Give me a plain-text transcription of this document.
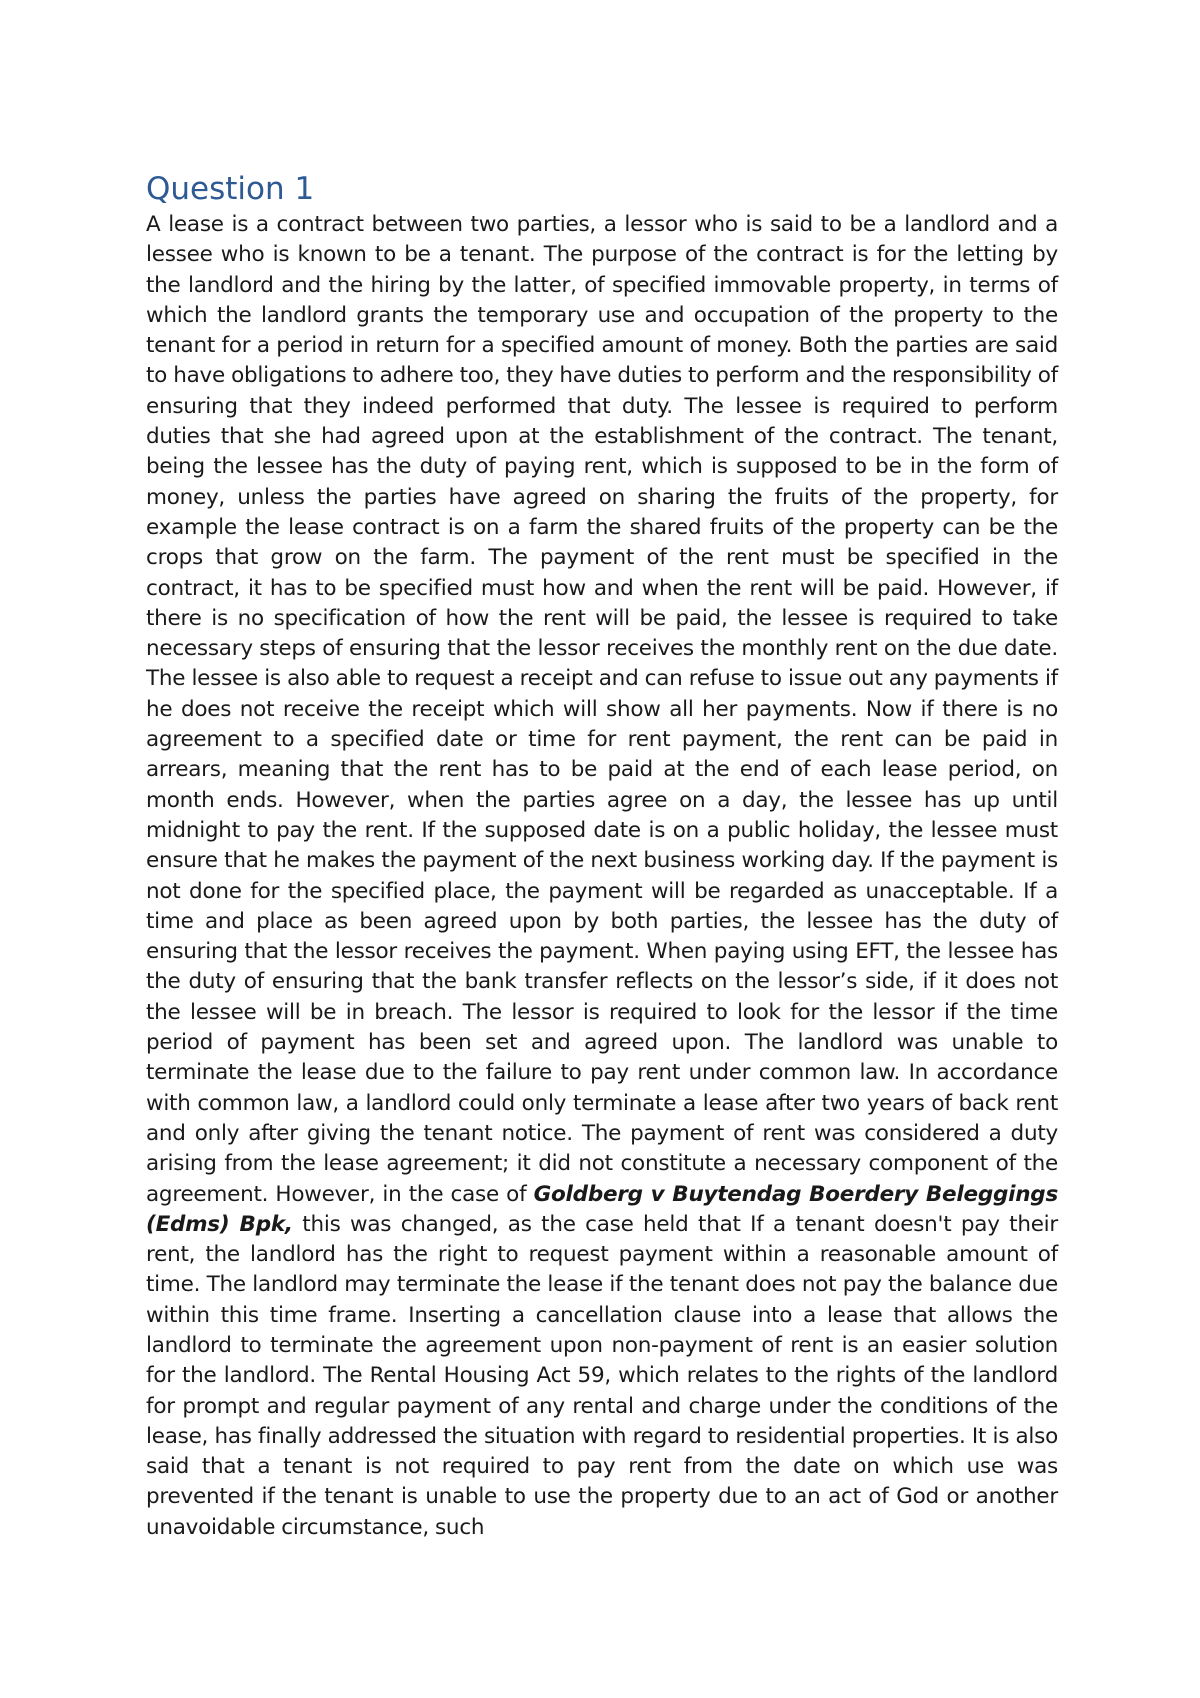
Question 1

A lease is a contract between two parties, a lessor who is said to be a landlord and a lessee who is known to be a tenant. The purpose of the contract is for the letting by the landlord and the hiring by the latter, of specified immovable property, in terms of which the landlord grants the temporary use and occupation of the property to the tenant for a period in return for a specified amount of money. Both the parties are said to have obligations to adhere too, they have duties to perform and the responsibility of ensuring that they indeed performed that duty. The lessee is required to perform duties that she had agreed upon at the establishment of the contract. The tenant, being the lessee has the duty of paying rent, which is supposed to be in the form of money, unless the parties have agreed on sharing the fruits of the property, for example the lease contract is on a farm the shared fruits of the property can be the crops that grow on the farm. The payment of the rent must be specified in the contract, it has to be specified must how and when the rent will be paid. However, if there is no specification of how the rent will be paid, the lessee is required to take necessary steps of ensuring that the lessor receives the monthly rent on the due date. The lessee is also able to request a receipt and can refuse to issue out any payments if he does not receive the receipt which will show all her payments. Now if there is no agreement to a specified date or time for rent payment, the rent can be paid in arrears, meaning that the rent has to be paid at the end of each lease period, on month ends. However, when the parties agree on a day, the lessee has up until midnight to pay the rent. If the supposed date is on a public holiday, the lessee must ensure that he makes the payment of the next business working day. If the payment is not done for the specified place, the payment will be regarded as unacceptable. If a time and place as been agreed upon by both parties, the lessee has the duty of ensuring that the lessor receives the payment. When paying using EFT, the lessee has the duty of ensuring that the bank transfer reflects on the lessor’s side, if it does not the lessee will be in breach. The lessor is required to look for the lessor if the time period of payment has been set and agreed upon. The landlord was unable to terminate the lease due to the failure to pay rent under common law. In accordance with common law, a landlord could only terminate a lease after two years of back rent and only after giving the tenant notice. The payment of rent was considered a duty arising from the lease agreement; it did not constitute a necessary component of the agreement. However, in the case of Goldberg v Buytendag Boerdery Beleggings (Edms) Bpk, this was changed, as the case held that If a tenant doesn't pay their rent, the landlord has the right to request payment within a reasonable amount of time. The landlord may terminate the lease if the tenant does not pay the balance due within this time frame. Inserting a cancellation clause into a lease that allows the landlord to terminate the agreement upon non-payment of rent is an easier solution for the landlord. The Rental Housing Act 59, which relates to the rights of the landlord for prompt and regular payment of any rental and charge under the conditions of the lease, has finally addressed the situation with regard to residential properties. It is also said that a tenant is not required to pay rent from the date on which use was prevented if the tenant is unable to use the property due to an act of God or another unavoidable circumstance, such
